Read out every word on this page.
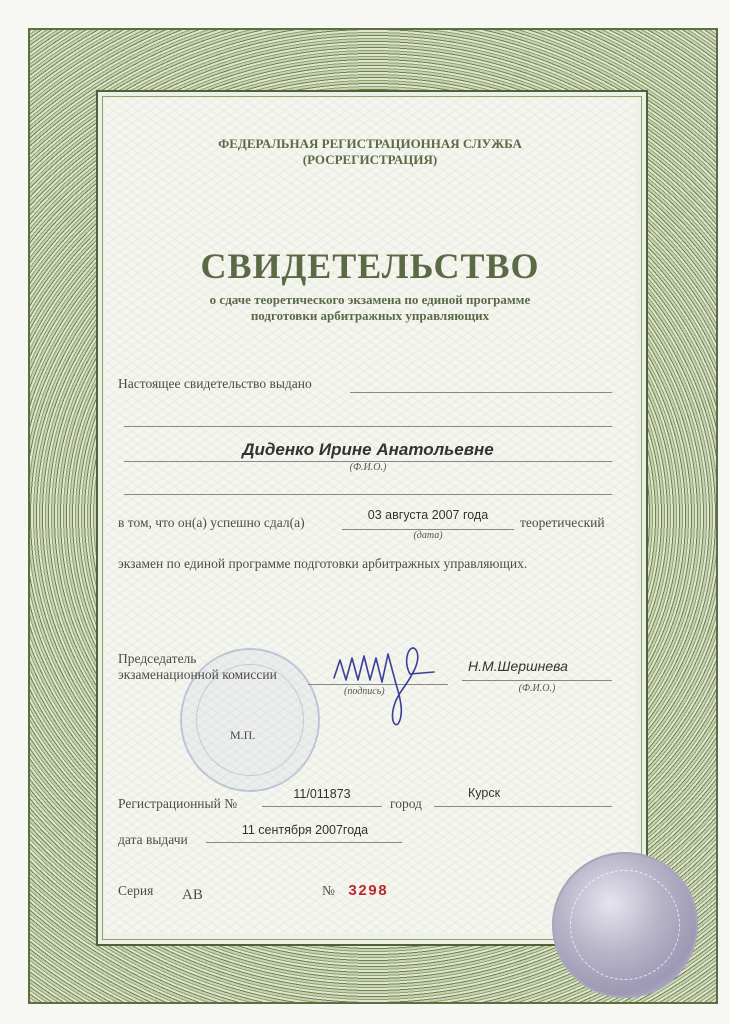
ФЕДЕРАЛЬНАЯ РЕГИСТРАЦИОННАЯ СЛУЖБА
(РОСРЕГИСТРАЦИЯ)
СВИДЕТЕЛЬСТВО
о сдаче теоретического экзамена по единой программе
подготовки арбитражных управляющих
Настоящее свидетельство выдано
Диденко Ирине Анатольевне
(Ф.И.О.)
в том, что он(а) успешно сдал(а)	03 августа 2007 года
(дата)
теоретический
экзамен по единой программе подготовки арбитражных управляющих.
Председатель
экзаменационной комиссии
(подпись)
Н.М.Шершнева
(Ф.И.О.)
М.П.
Регистрационный №
11/011873
город
Курск
дата выдачи
11 сентября 2007года
Серия АВ	№ 3298
